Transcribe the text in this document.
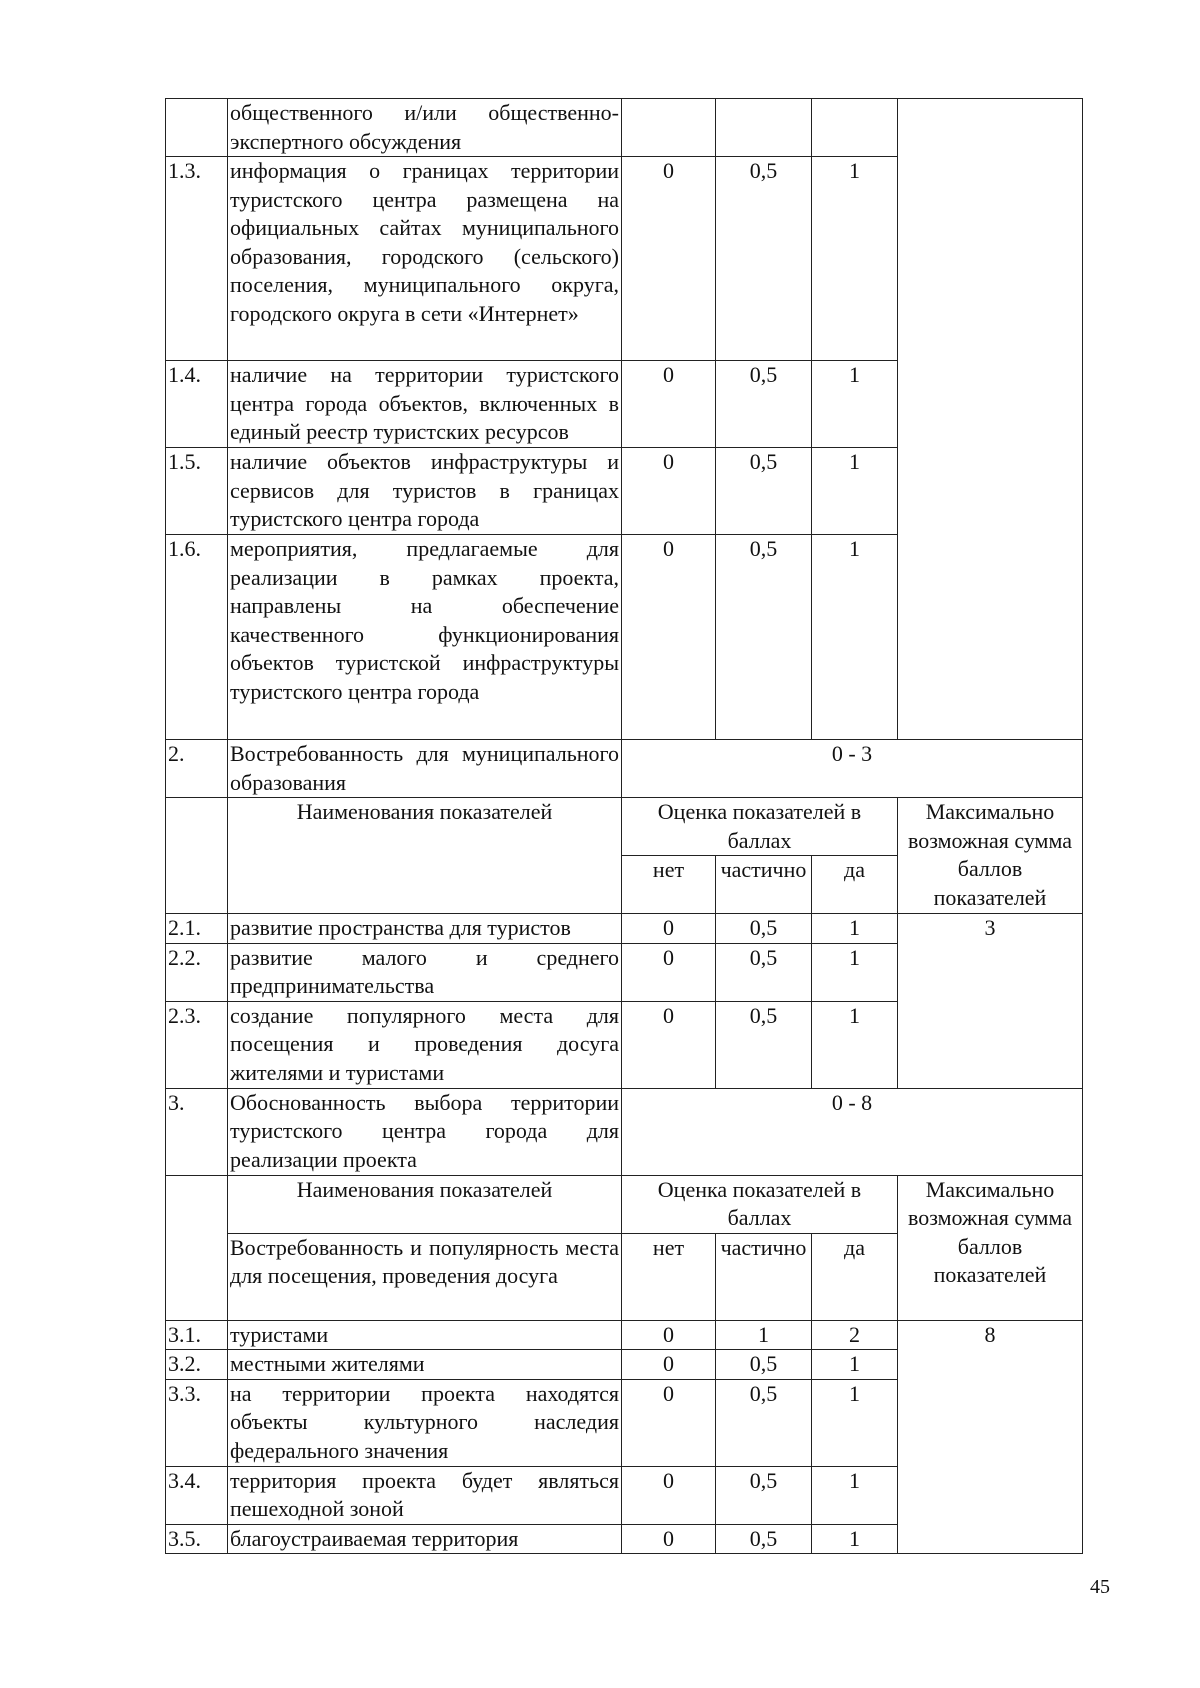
	общественного и/или общественно-экспертного обсуждения				
1.3.	информация о границах территории туристского центра размещена на официальных сайтах муниципального образования, городского (сельского) поселения, муниципального округа, городского округа в сети «Интернет»	0	0,5	1	
1.4.	наличие на территории туристского центра города объектов, включенных в единый реестр туристских ресурсов	0	0,5	1	
1.5.	наличие объектов инфраструктуры и сервисов для туристов в границах туристского центра города	0	0,5	1	
1.6.	мероприятия, предлагаемые для реализации в рамках проекта, направлены на обеспечение качественного функционирования объектов туристской инфраструктуры туристского центра города	0	0,5	1	
2.	Востребованность для муниципального образования	0 - 3			
	Наименования показателей	Оценка показателей в баллах			Максимально возможная сумма баллов показателей
		нет	частично	да	
2.1.	развитие пространства для туристов	0	0,5	1	3
2.2.	развитие малого и среднего предпринимательства	0	0,5	1	
2.3.	создание популярного места для посещения и проведения досуга жителями и туристами	0	0,5	1	
3.	Обоснованность выбора территории туристского центра города для реализации проекта	0 - 8			
	Наименования показателей	Оценка показателей в баллах			Максимально возможная сумма баллов показателей
	Востребованность и популярность места для посещения, проведения досуга	нет	частично	да	
3.1.	туристами	0	1	2	8
3.2.	местными жителями	0	0,5	1	
3.3.	на территории проекта находятся объекты культурного наследия федерального значения	0	0,5	1	
3.4.	территория проекта будет являться пешеходной зоной	0	0,5	1	
3.5.	благоустраиваемая территория	0	0,5	1	
45
